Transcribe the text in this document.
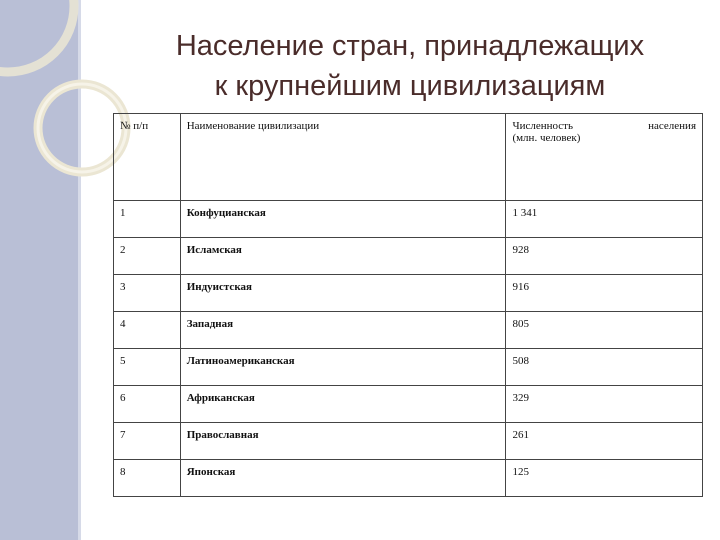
Население стран, принадлежащих
к крупнейшим цивилизациям
№ п/п	Наименование цивилизации	Численность населения
(млн. человек)

1	Конфуцианская	1 341
2	Исламская	928
3	Индуистская	916
4	Западная	805
5	Латиноамериканская	508
6	Африканская	329
7	Православная	261
8	Японская	125
